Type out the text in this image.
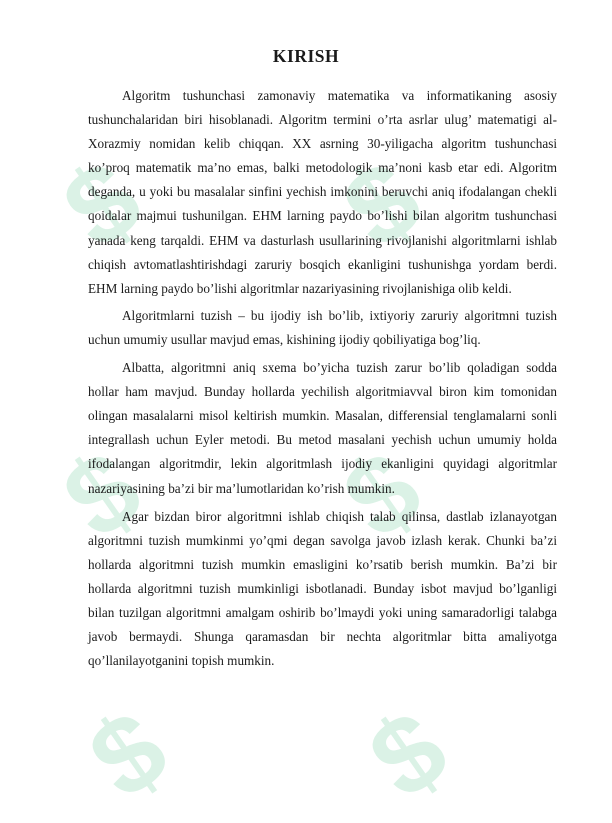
$ $
$ $
$ $
KIRISH

Algoritm tushunchasi zamonaviy matematika va informatikaning asosiy tushunchalaridan biri hisoblanadi. Algoritm termini o’rta asrlar ulug’ matematigi al-Xorazmiy nomidan kelib chiqqan. XX asrning 30-yiligacha algoritm tushunchasi ko’proq matematik ma’no emas, balki metodologik ma’noni kasb etar edi. Algoritm deganda, u yoki bu masalalar sinfini yechish imkonini beruvchi aniq ifodalangan chekli qoidalar majmui tushunilgan. EHM larning paydo bo’lishi bilan algoritm tushunchasi yanada keng tarqaldi. EHM va dasturlash usullarining rivojlanishi algoritmlarni ishlab chiqish avtomatlashtirishdagi zaruriy bosqich ekanligini tushunishga yordam berdi. EHM larning paydo bo’lishi algoritmlar nazariyasining rivojlanishiga olib keldi.

Algoritmlarni tuzish – bu ijodiy ish bo’lib, ixtiyoriy zaruriy algoritmni tuzish uchun umumiy usullar mavjud emas, kishining ijodiy qobiliyatiga bog’liq.

Albatta, algoritmni aniq sxema bo’yicha tuzish zarur bo’lib qoladigan sodda hollar ham mavjud. Bunday hollarda yechilish algoritmiavval biron kim tomonidan olingan masalalarni misol keltirish mumkin. Masalan, differensial tenglamalarni sonli integrallash uchun Eyler metodi. Bu metod masalani yechish uchun umumiy holda ifodalangan algoritmdir, lekin algoritmlash ijodiy ekanligini quyidagi algoritmlar nazariyasining ba’zi bir ma’lumotlaridan ko’rish mumkin.

Agar bizdan biror algoritmni ishlab chiqish talab qilinsa, dastlab izlanayotgan algoritmni tuzish mumkinmi yo’qmi degan savolga javob izlash kerak. Chunki ba’zi hollarda algoritmni tuzish mumkin emasligini ko’rsatib berish mumkin. Ba’zi bir hollarda algoritmni tuzish mumkinligi isbotlanadi. Bunday isbot mavjud bo’lganligi bilan tuzilgan algoritmni amalgam oshirib bo’lmaydi yoki uning samaradorligi talabga javob bermaydi. Shunga qaramasdan bir nechta algoritmlar bitta amaliyotga qo’llanilayotganini topish mumkin.
